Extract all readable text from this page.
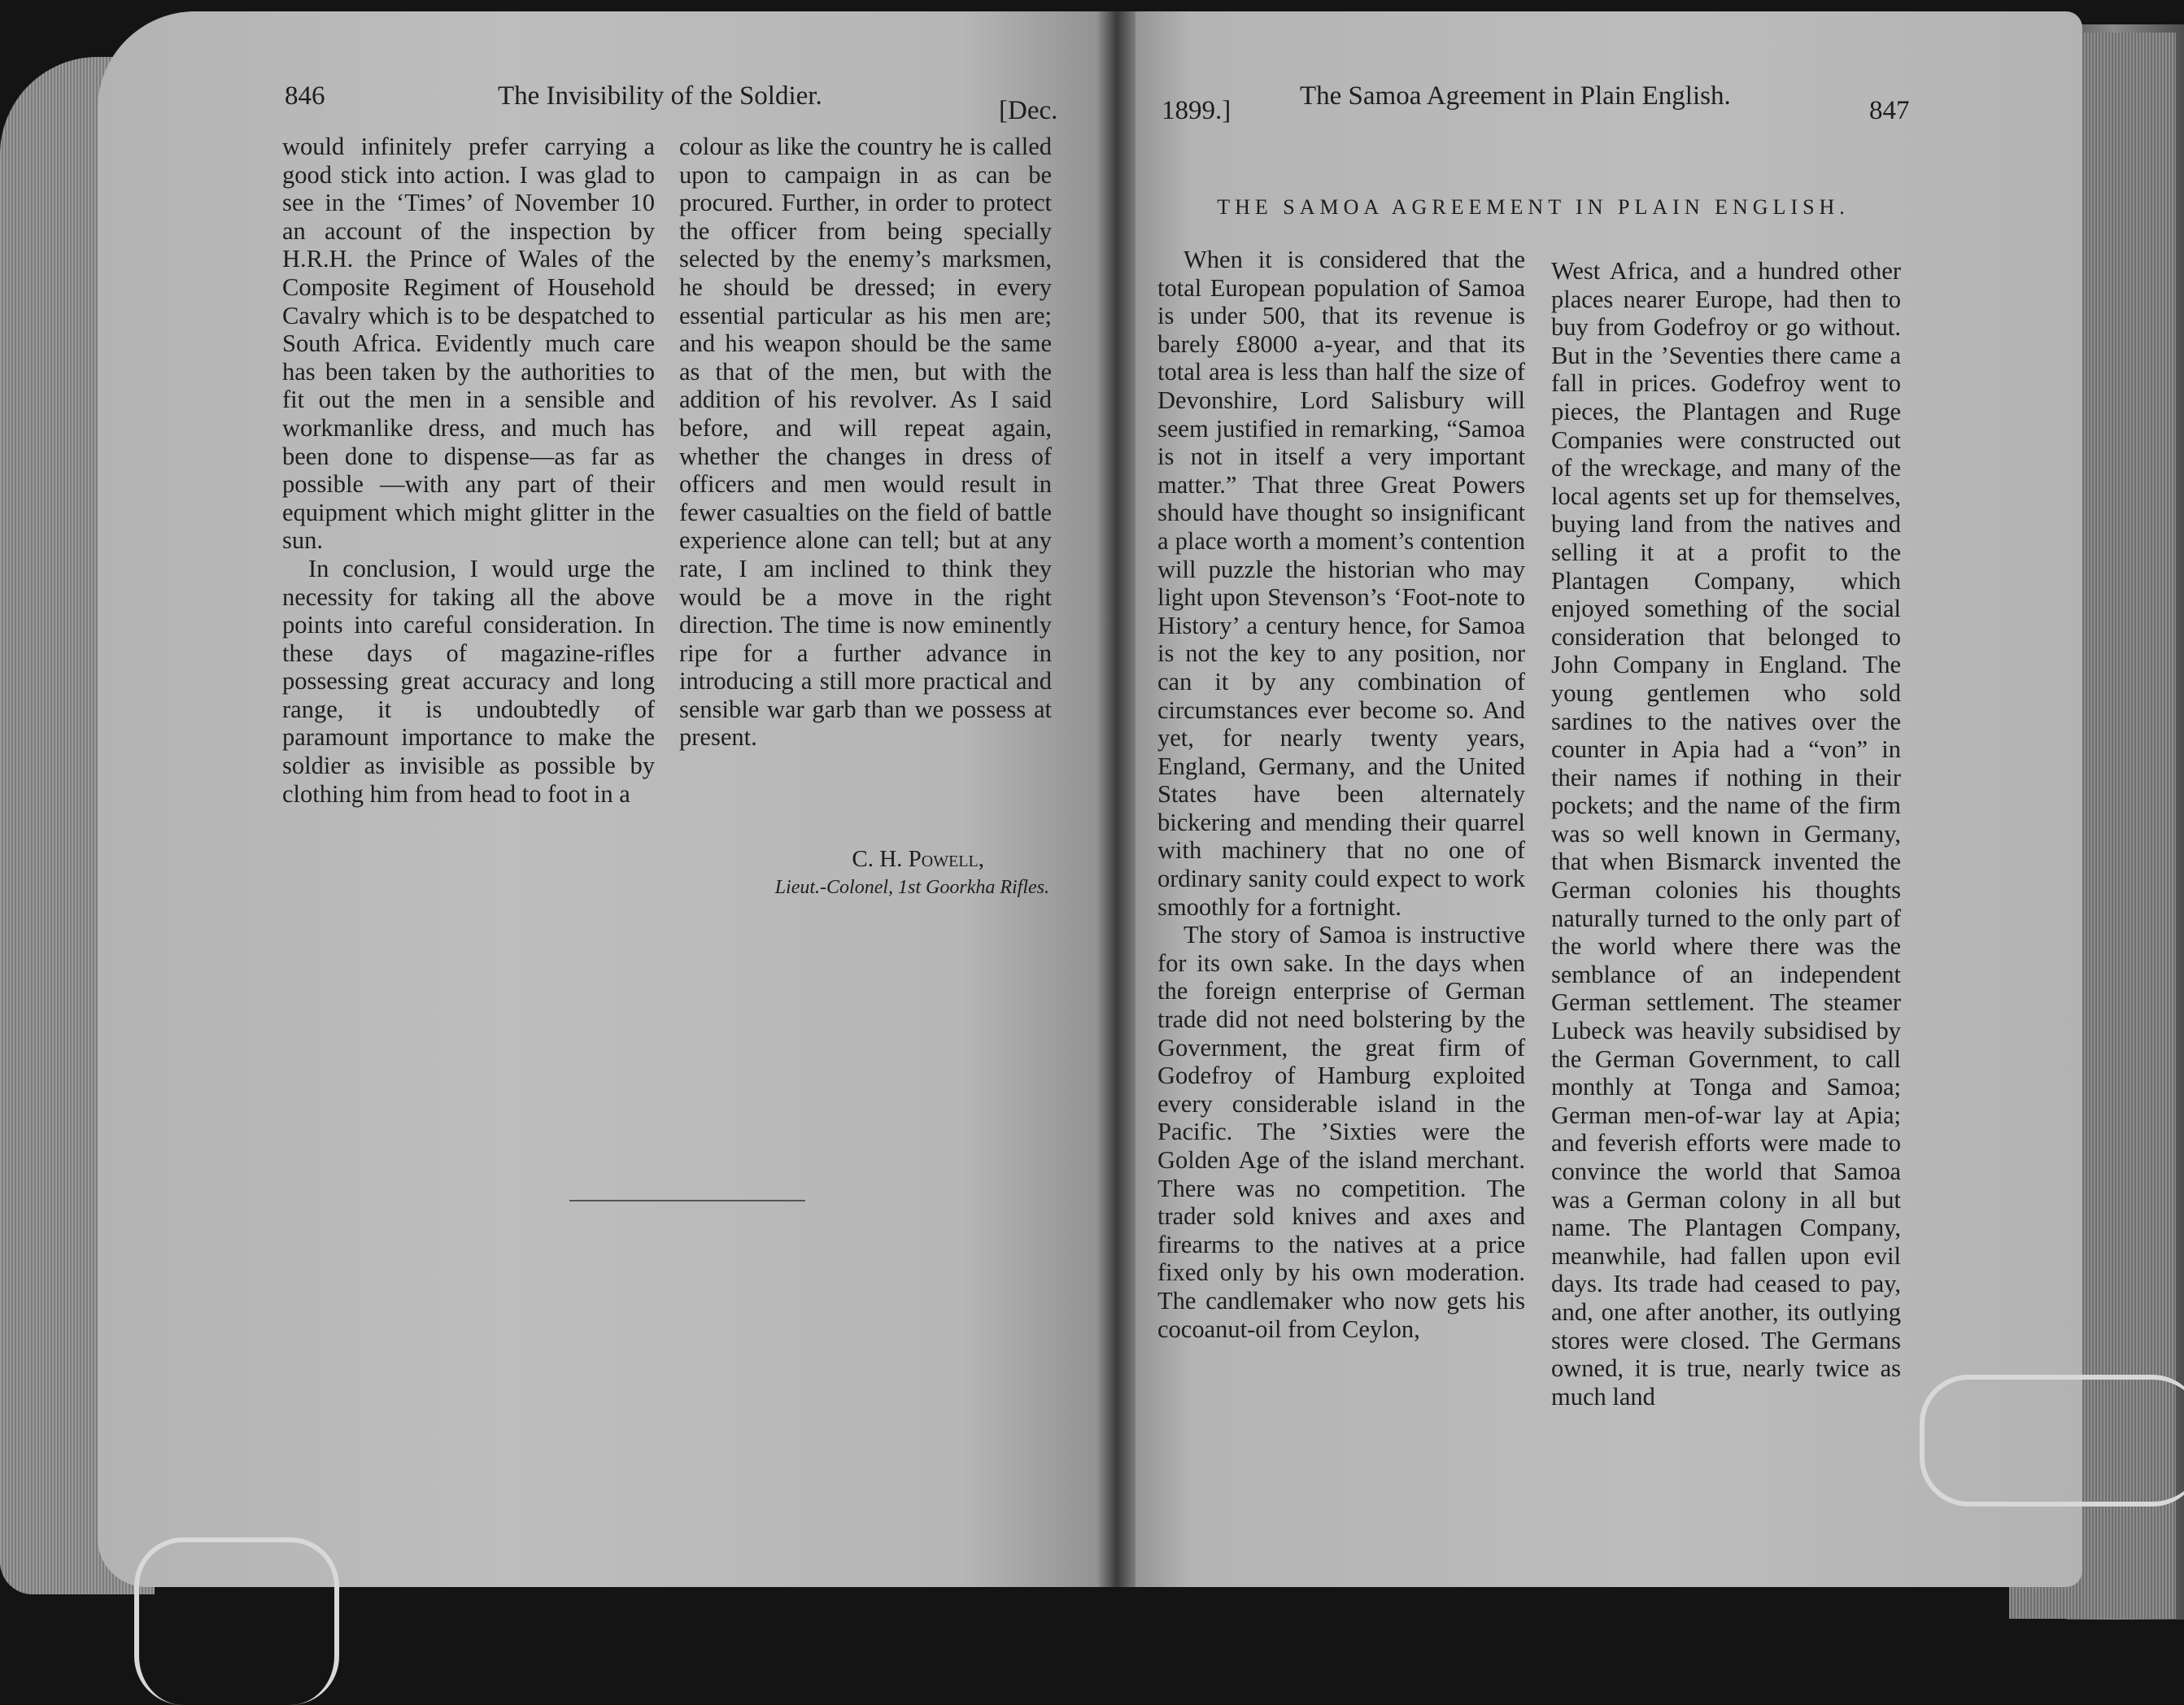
846	The Invisibility of the Soldier.	[Dec.

would infinitely prefer carrying a good stick into action. I was glad to see in the ‘Times’ of November 10 an account of the inspection by H.R.H. the Prince of Wales of the Composite Regiment of Household Cavalry which is to be despatched to South Africa. Evidently much care has been taken by the authorities to fit out the men in a sensible and workmanlike dress, and much has been done to dispense—as far as possible —with any part of their equipment which might glitter in the sun.

In conclusion, I would urge the necessity for taking all the above points into careful consideration. In these days of magazine-rifles possessing great accuracy and long range, it is undoubtedly of paramount importance to make the soldier as invisible as possible by clothing him from head to foot in a

colour as like the country he is called upon to campaign in as can be procured. Further, in order to protect the officer from being specially selected by the enemy’s marksmen, he should be dressed; in every essential particular as his men are; and his weapon should be the same as that of the men, but with the addition of his revolver. As I said before, and will repeat again, whether the changes in dress of officers and men would result in fewer casualties on the field of battle experience alone can tell; but at any rate, I am inclined to think they would be a move in the right direction. The time is now eminently ripe for a further advance in introducing a still more practical and sensible war garb than we possess at present.

C. H. Powell,
Lieut.-Colonel, 1st Goorkha Rifles.
1899.]	The Samoa Agreement in Plain English.	847
THE SAMOA AGREEMENT IN PLAIN ENGLISH.

When it is considered that the total European population of Samoa is under 500, that its revenue is barely £8000 a-year, and that its total area is less than half the size of Devonshire, Lord Salisbury will seem justified in remarking, “Samoa is not in itself a very important matter.” That three Great Powers should have thought so insignificant a place worth a moment’s contention will puzzle the historian who may light upon Stevenson’s ‘Foot-note to History’ a century hence, for Samoa is not the key to any position, nor can it by any combination of circumstances ever become so. And yet, for nearly twenty years, England, Germany, and the United States have been alternately bickering and mending their quarrel with machinery that no one of ordinary sanity could expect to work smoothly for a fortnight.

The story of Samoa is instructive for its own sake. In the days when the foreign enterprise of German trade did not need bolstering by the Government, the great firm of Godefroy of Hamburg exploited every considerable island in the Pacific. The ’Sixties were the Golden Age of the island merchant. There was no competition. The trader sold knives and axes and firearms to the natives at a price fixed only by his own moderation. The candlemaker who now gets his cocoanut-oil from Ceylon,

West Africa, and a hundred other places nearer Europe, had then to buy from Godefroy or go without. But in the ’Seventies there came a fall in prices. Godefroy went to pieces, the Plantagen and Ruge Companies were constructed out of the wreckage, and many of the local agents set up for themselves, buying land from the natives and selling it at a profit to the Plantagen Company, which enjoyed something of the social consideration that belonged to John Company in England. The young gentlemen who sold sardines to the natives over the counter in Apia had a “von” in their names if nothing in their pockets; and the name of the firm was so well known in Germany, that when Bismarck invented the German colonies his thoughts naturally turned to the only part of the world where there was the semblance of an independent German settlement. The steamer Lubeck was heavily subsidised by the German Government, to call monthly at Tonga and Samoa; German men-of-war lay at Apia; and feverish efforts were made to convince the world that Samoa was a German colony in all but name. The Plantagen Company, meanwhile, had fallen upon evil days. Its trade had ceased to pay, and, one after another, its outlying stores were closed. The Germans owned, it is true, nearly twice as much land
